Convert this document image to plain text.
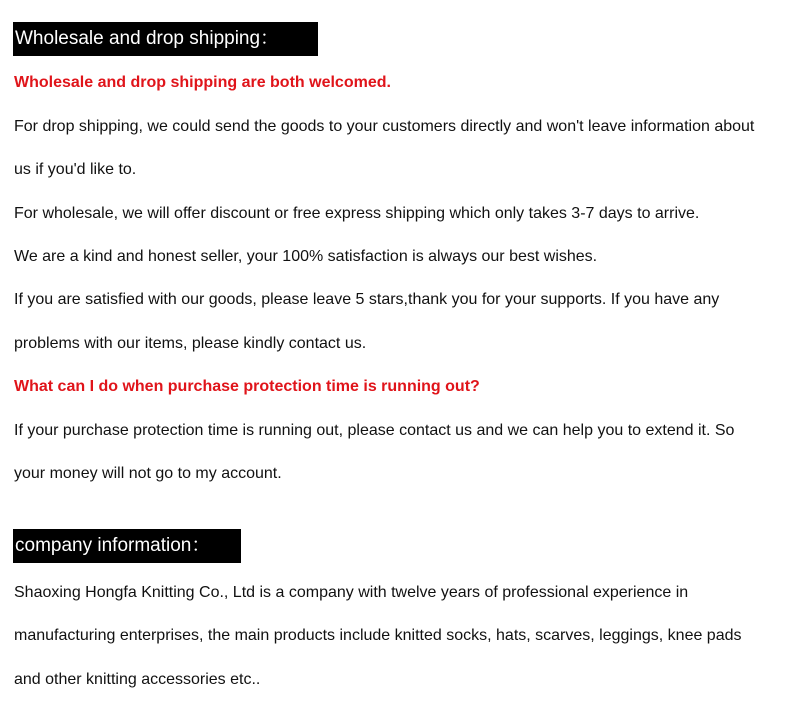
Wholesale and drop shipping：
Wholesale and drop shipping are both welcomed.
For drop shipping, we could send the goods to your customers directly and won't leave information about
us if you'd like to.
For wholesale, we will offer discount or free express shipping which only takes 3-7 days to arrive.
We are a kind and honest seller, your 100% satisfaction is always our best wishes.
If you are satisfied with our goods, please leave 5 stars,thank you for your supports. If you have any
problems with our items, please kindly contact us.
What can I do when purchase protection time is running out?
If your purchase protection time is running out, please contact us and we can help you to extend it. So
your money will not go to my account.
company information：
Shaoxing Hongfa Knitting Co., Ltd is a company with twelve years of professional experience in
manufacturing enterprises, the main products include knitted socks, hats, scarves, leggings, knee pads
and other knitting accessories etc..
